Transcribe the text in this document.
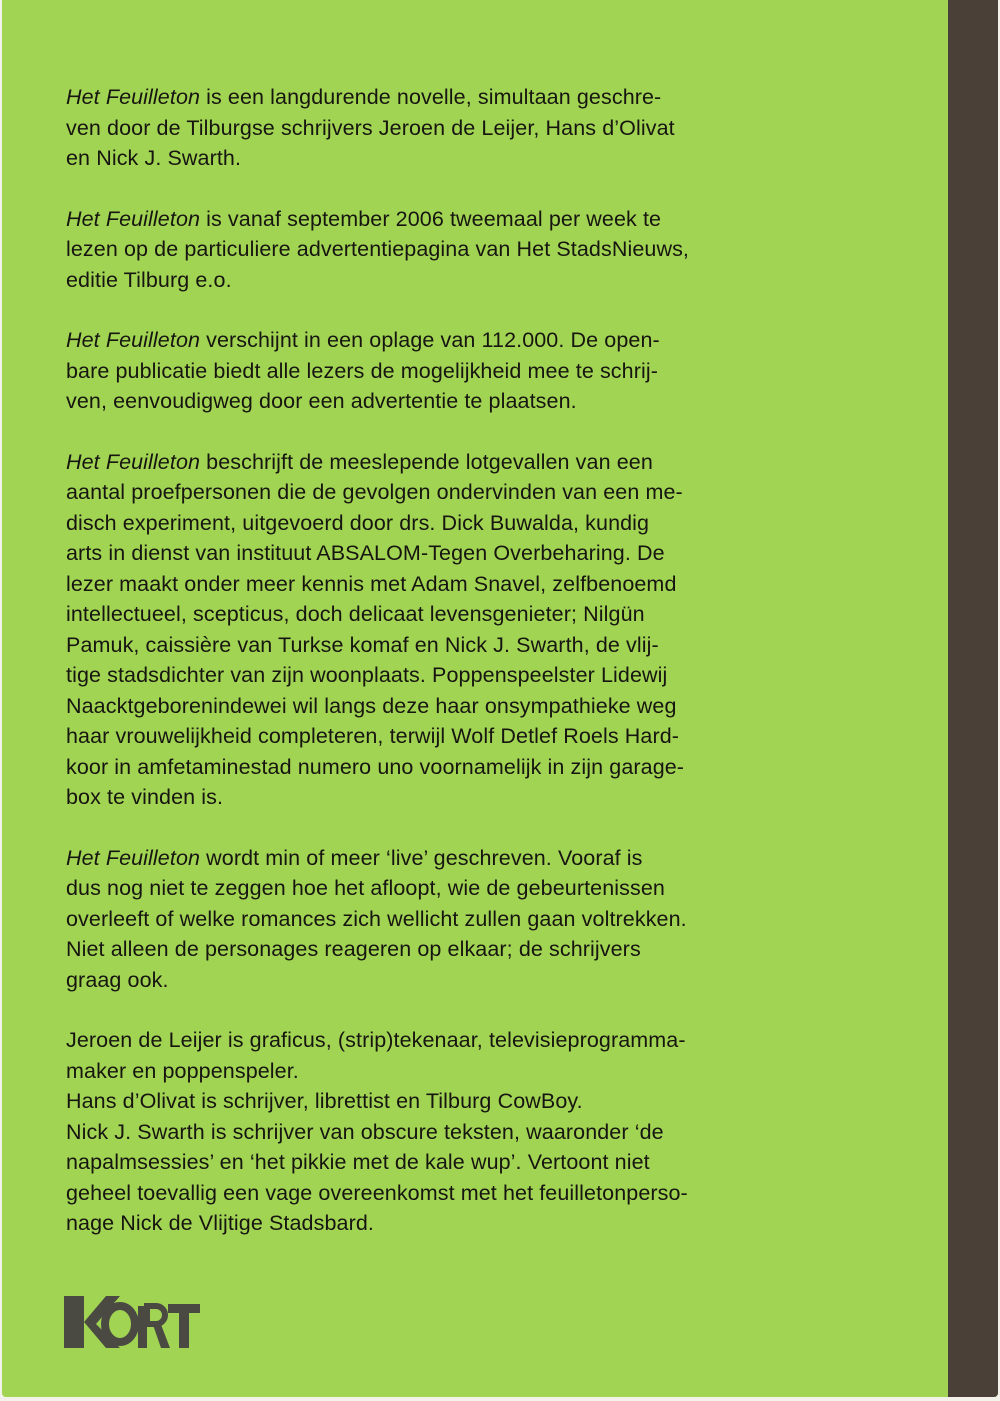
Het Feuilleton is een langdurende novelle, simultaan geschre-
ven door de Tilburgse schrijvers Jeroen de Leijer, Hans d’Olivat
en Nick J. Swarth.

Het Feuilleton is vanaf september 2006 tweemaal per week te
lezen op de particuliere advertentiepagina van Het StadsNieuws,
editie Tilburg e.o.

Het Feuilleton verschijnt in een oplage van 112.000. De open-
bare publicatie biedt alle lezers de mogelijkheid mee te schrij-
ven, eenvoudigweg door een advertentie te plaatsen.

Het Feuilleton beschrijft de meeslepende lotgevallen van een
aantal proefpersonen die de gevolgen ondervinden van een me-
disch experiment, uitgevoerd door drs. Dick Buwalda, kundig
arts in dienst van instituut ABSALOM-Tegen Overbeharing. De
lezer maakt onder meer kennis met Adam Snavel, zelfbenoemd
intellectueel, scepticus, doch delicaat levensgenieter; Nilgün
Pamuk, caissière van Turkse komaf en Nick J. Swarth, de vlij-
tige stadsdichter van zijn woonplaats. Poppenspeelster Lidewij
Naacktgeborenindewei wil langs deze haar onsympathieke weg
haar vrouwelijkheid completeren, terwijl Wolf Detlef Roels Hard-
koor in amfetaminestad numero uno voornamelijk in zijn garage-
box te vinden is.

Het Feuilleton wordt min of meer ‘live’ geschreven. Vooraf is
dus nog niet te zeggen hoe het afloopt, wie de gebeurtenissen
overleeft of welke romances zich wellicht zullen gaan voltrekken.
Niet alleen de personages reageren op elkaar; de schrijvers
graag ook.

Jeroen de Leijer is graficus, (strip)tekenaar, televisieprogramma-
maker en poppenspeler.
Hans d’Olivat is schrijver, librettist en Tilburg CowBoy.
Nick J. Swarth is schrijver van obscure teksten, waaronder ‘de
napalmsessies’ en ‘het pikkie met de kale wup’. Vertoont niet
geheel toevallig een vage overeenkomst met het feuilletonperso-
nage Nick de Vlijtige Stadsbard.
